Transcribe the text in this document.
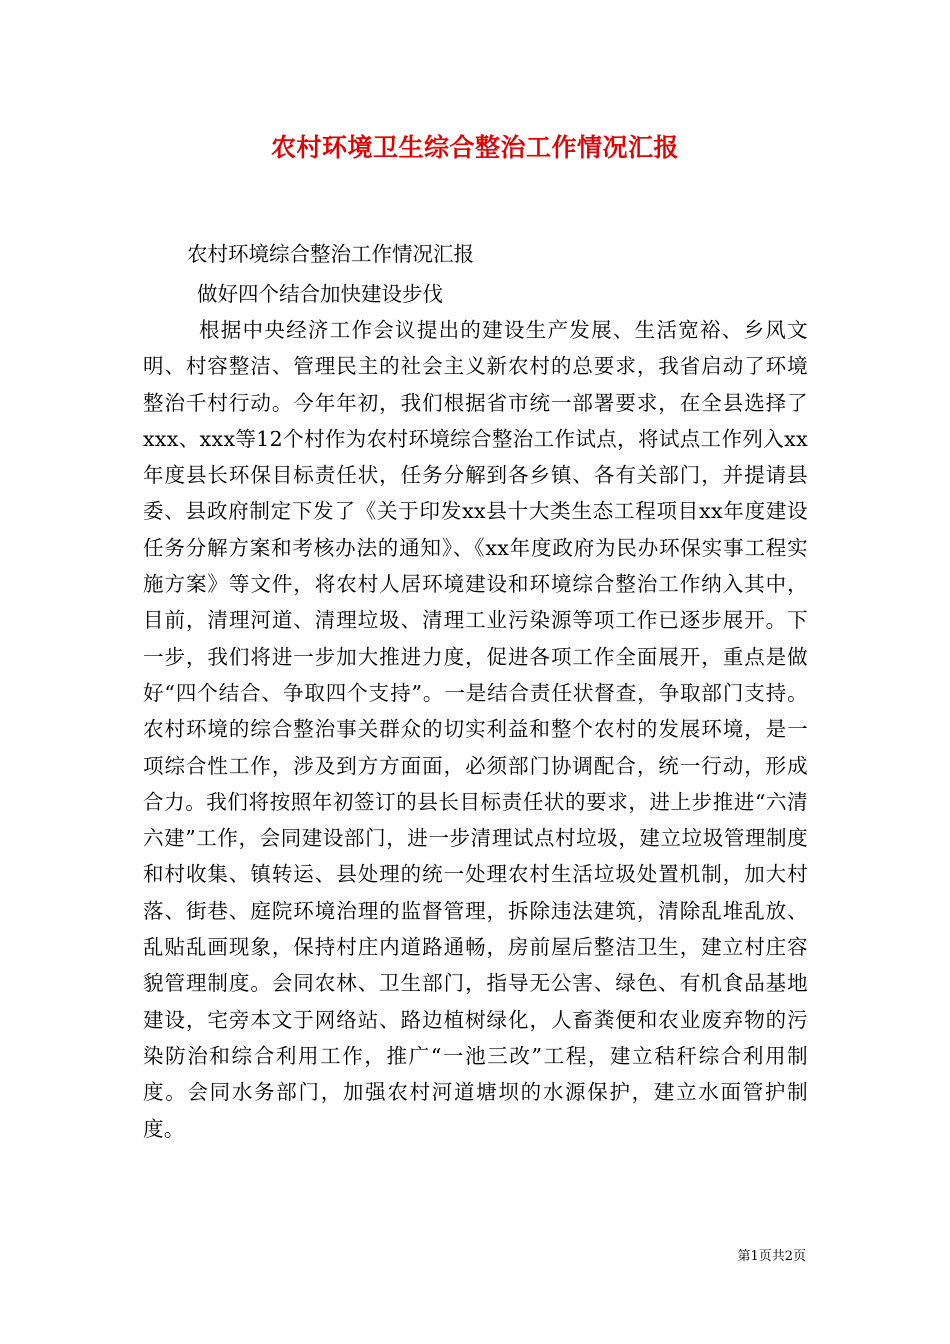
农村环境卫生综合整治工作情况汇报

农村环境综合整治工作情况汇报

做好四个结合加快建设步伐

根据中央经济工作会议提出的建设生产发展、生活宽裕、乡风文明、村容整洁、管理民主的社会主义新农村的总要求，我省启动了环境整治千村行动。今年年初，我们根据省市统一部署要求，在全县选择了xxx、xxx等12个村作为农村环境综合整治工作试点，将试点工作列入xx年度县长环保目标责任状，任务分解到各乡镇、各有关部门，并提请县委、县政府制定下发了《关于印发xx县十大类生态工程项目xx年度建设任务分解方案和考核办法的通知》、《xx年度政府为民办环保实事工程实施方案》等文件，将农村人居环境建设和环境综合整治工作纳入其中，目前，清理河道、清理垃圾、清理工业污染源等项工作已逐步展开。下一步，我们将进一步加大推进力度，促进各项工作全面展开，重点是做好“四个结合、争取四个支持”。一是结合责任状督查，争取部门支持。农村环境的综合整治事关群众的切实利益和整个农村的发展环境，是一项综合性工作，涉及到方方面面，必须部门协调配合，统一行动，形成合力。我们将按照年初签订的县长目标责任状的要求，进上步推进“六清六建”工作，会同建设部门，进一步清理试点村垃圾，建立垃圾管理制度和村收集、镇转运、县处理的统一处理农村生活垃圾处置机制，加大村落、街巷、庭院环境治理的监督管理，拆除违法建筑，清除乱堆乱放、乱贴乱画现象，保持村庄内道路通畅，房前屋后整洁卫生，建立村庄容貌管理制度。会同农林、卫生部门，指导无公害、绿色、有机食品基地建设，宅旁本文于网络站、路边植树绿化，人畜粪便和农业废弃物的污染防治和综合利用工作，推广“一池三改”工程，建立秸秆综合利用制度。会同水务部门，加强农村河道塘坝的水源保护，建立水面管护制度。

第1页共2页
